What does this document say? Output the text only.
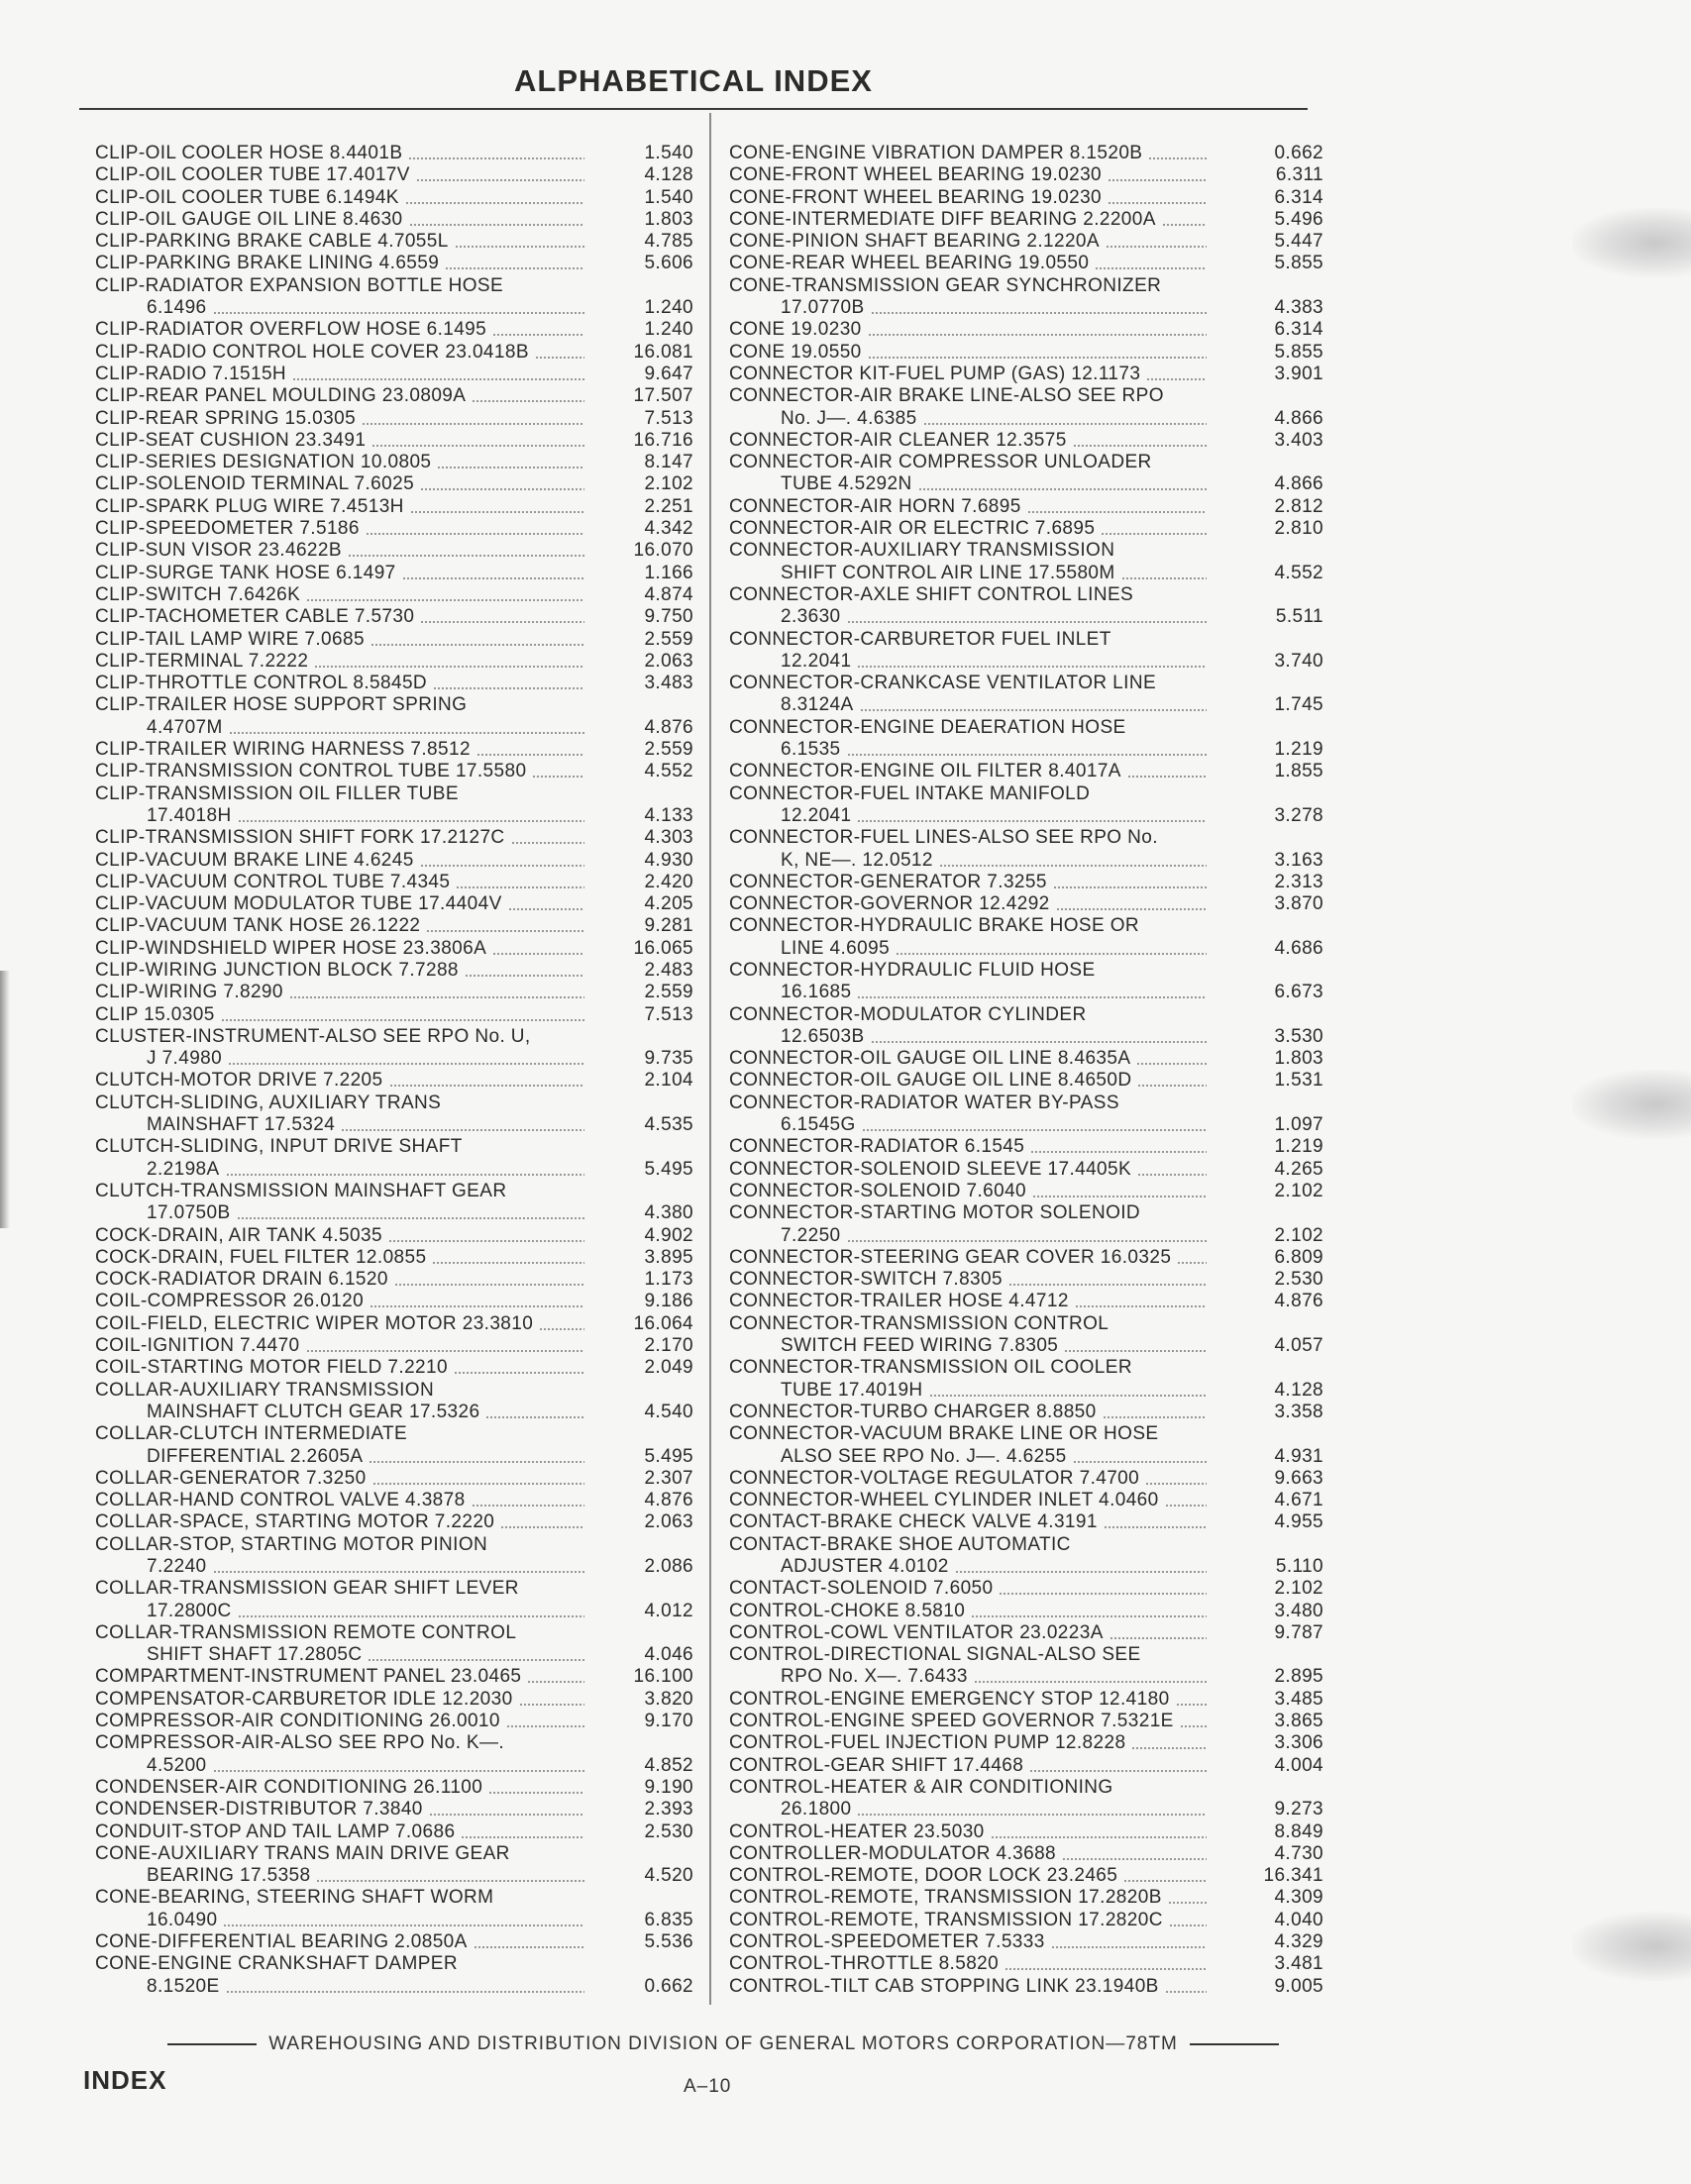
ALPHABETICAL INDEX
CLIP-OIL COOLER HOSE 8.4401B	1.540
CLIP-OIL COOLER TUBE 17.4017V	4.128
CLIP-OIL COOLER TUBE 6.1494K	1.540
CLIP-OIL GAUGE OIL LINE 8.4630	1.803
CLIP-PARKING BRAKE CABLE 4.7055L	4.785
CLIP-PARKING BRAKE LINING 4.6559	5.606
CLIP-RADIATOR EXPANSION BOTTLE HOSE
6.1496	1.240
CLIP-RADIATOR OVERFLOW HOSE 6.1495	1.240
CLIP-RADIO CONTROL HOLE COVER 23.0418B	16.081
CLIP-RADIO 7.1515H	9.647
CLIP-REAR PANEL MOULDING 23.0809A	17.507
CLIP-REAR SPRING 15.0305	7.513
CLIP-SEAT CUSHION 23.3491	16.716
CLIP-SERIES DESIGNATION 10.0805	8.147
CLIP-SOLENOID TERMINAL 7.6025	2.102
CLIP-SPARK PLUG WIRE 7.4513H	2.251
CLIP-SPEEDOMETER 7.5186	4.342
CLIP-SUN VISOR 23.4622B	16.070
CLIP-SURGE TANK HOSE 6.1497	1.166
CLIP-SWITCH 7.6426K	4.874
CLIP-TACHOMETER CABLE 7.5730	9.750
CLIP-TAIL LAMP WIRE 7.0685	2.559
CLIP-TERMINAL 7.2222	2.063
CLIP-THROTTLE CONTROL 8.5845D	3.483
CLIP-TRAILER HOSE SUPPORT SPRING
4.4707M	4.876
CLIP-TRAILER WIRING HARNESS 7.8512	2.559
CLIP-TRANSMISSION CONTROL TUBE 17.5580	4.552
CLIP-TRANSMISSION OIL FILLER TUBE
17.4018H	4.133
CLIP-TRANSMISSION SHIFT FORK 17.2127C	4.303
CLIP-VACUUM BRAKE LINE 4.6245	4.930
CLIP-VACUUM CONTROL TUBE 7.4345	2.420
CLIP-VACUUM MODULATOR TUBE 17.4404V	4.205
CLIP-VACUUM TANK HOSE 26.1222	9.281
CLIP-WINDSHIELD WIPER HOSE 23.3806A	16.065
CLIP-WIRING JUNCTION BLOCK 7.7288	2.483
CLIP-WIRING 7.8290	2.559
CLIP 15.0305	7.513
CLUSTER-INSTRUMENT-ALSO SEE RPO No. U,
J 7.4980	9.735
CLUTCH-MOTOR DRIVE 7.2205	2.104
CLUTCH-SLIDING, AUXILIARY TRANS
MAINSHAFT 17.5324	4.535
CLUTCH-SLIDING, INPUT DRIVE SHAFT
2.2198A	5.495
CLUTCH-TRANSMISSION MAINSHAFT GEAR
17.0750B	4.380
COCK-DRAIN, AIR TANK 4.5035	4.902
COCK-DRAIN, FUEL FILTER 12.0855	3.895
COCK-RADIATOR DRAIN 6.1520	1.173
COIL-COMPRESSOR 26.0120	9.186
COIL-FIELD, ELECTRIC WIPER MOTOR 23.3810	16.064
COIL-IGNITION 7.4470	2.170
COIL-STARTING MOTOR FIELD 7.2210	2.049
COLLAR-AUXILIARY TRANSMISSION
MAINSHAFT CLUTCH GEAR 17.5326	4.540
COLLAR-CLUTCH INTERMEDIATE
DIFFERENTIAL 2.2605A	5.495
COLLAR-GENERATOR 7.3250	2.307
COLLAR-HAND CONTROL VALVE 4.3878	4.876
COLLAR-SPACE, STARTING MOTOR 7.2220	2.063
COLLAR-STOP, STARTING MOTOR PINION
7.2240	2.086
COLLAR-TRANSMISSION GEAR SHIFT LEVER
17.2800C	4.012
COLLAR-TRANSMISSION REMOTE CONTROL
SHIFT SHAFT 17.2805C	4.046
COMPARTMENT-INSTRUMENT PANEL 23.0465	16.100
COMPENSATOR-CARBURETOR IDLE 12.2030	3.820
COMPRESSOR-AIR CONDITIONING 26.0010	9.170
COMPRESSOR-AIR-ALSO SEE RPO No. K—.
4.5200	4.852
CONDENSER-AIR CONDITIONING 26.1100	9.190
CONDENSER-DISTRIBUTOR 7.3840	2.393
CONDUIT-STOP AND TAIL LAMP 7.0686	2.530
CONE-AUXILIARY TRANS MAIN DRIVE GEAR
BEARING 17.5358	4.520
CONE-BEARING, STEERING SHAFT WORM
16.0490	6.835
CONE-DIFFERENTIAL BEARING 2.0850A	5.536
CONE-ENGINE CRANKSHAFT DAMPER
8.1520E	0.662
CONE-ENGINE VIBRATION DAMPER 8.1520B	0.662
CONE-FRONT WHEEL BEARING 19.0230	6.311
CONE-FRONT WHEEL BEARING 19.0230	6.314
CONE-INTERMEDIATE DIFF BEARING 2.2200A	5.496
CONE-PINION SHAFT BEARING 2.1220A	5.447
CONE-REAR WHEEL BEARING 19.0550	5.855
CONE-TRANSMISSION GEAR SYNCHRONIZER
17.0770B	4.383
CONE 19.0230	6.314
CONE 19.0550	5.855
CONNECTOR KIT-FUEL PUMP (GAS) 12.1173	3.901
CONNECTOR-AIR BRAKE LINE-ALSO SEE RPO
No. J—. 4.6385	4.866
CONNECTOR-AIR CLEANER 12.3575	3.403
CONNECTOR-AIR COMPRESSOR UNLOADER
TUBE 4.5292N	4.866
CONNECTOR-AIR HORN 7.6895	2.812
CONNECTOR-AIR OR ELECTRIC 7.6895	2.810
CONNECTOR-AUXILIARY TRANSMISSION
SHIFT CONTROL AIR LINE 17.5580M	4.552
CONNECTOR-AXLE SHIFT CONTROL LINES
2.3630	5.511
CONNECTOR-CARBURETOR FUEL INLET
12.2041	3.740
CONNECTOR-CRANKCASE VENTILATOR LINE
8.3124A	1.745
CONNECTOR-ENGINE DEAERATION HOSE
6.1535	1.219
CONNECTOR-ENGINE OIL FILTER 8.4017A	1.855
CONNECTOR-FUEL INTAKE MANIFOLD
12.2041	3.278
CONNECTOR-FUEL LINES-ALSO SEE RPO No.
K, NE—. 12.0512	3.163
CONNECTOR-GENERATOR 7.3255	2.313
CONNECTOR-GOVERNOR 12.4292	3.870
CONNECTOR-HYDRAULIC BRAKE HOSE OR
LINE 4.6095	4.686
CONNECTOR-HYDRAULIC FLUID HOSE
16.1685	6.673
CONNECTOR-MODULATOR CYLINDER
12.6503B	3.530
CONNECTOR-OIL GAUGE OIL LINE 8.4635A	1.803
CONNECTOR-OIL GAUGE OIL LINE 8.4650D	1.531
CONNECTOR-RADIATOR WATER BY-PASS
6.1545G	1.097
CONNECTOR-RADIATOR 6.1545	1.219
CONNECTOR-SOLENOID SLEEVE 17.4405K	4.265
CONNECTOR-SOLENOID 7.6040	2.102
CONNECTOR-STARTING MOTOR SOLENOID
7.2250	2.102
CONNECTOR-STEERING GEAR COVER 16.0325	6.809
CONNECTOR-SWITCH 7.8305	2.530
CONNECTOR-TRAILER HOSE 4.4712	4.876
CONNECTOR-TRANSMISSION CONTROL
SWITCH FEED WIRING 7.8305	4.057
CONNECTOR-TRANSMISSION OIL COOLER
TUBE 17.4019H	4.128
CONNECTOR-TURBO CHARGER 8.8850	3.358
CONNECTOR-VACUUM BRAKE LINE OR HOSE
ALSO SEE RPO No. J—. 4.6255	4.931
CONNECTOR-VOLTAGE REGULATOR 7.4700	9.663
CONNECTOR-WHEEL CYLINDER INLET 4.0460	4.671
CONTACT-BRAKE CHECK VALVE 4.3191	4.955
CONTACT-BRAKE SHOE AUTOMATIC
ADJUSTER 4.0102	5.110
CONTACT-SOLENOID 7.6050	2.102
CONTROL-CHOKE 8.5810	3.480
CONTROL-COWL VENTILATOR 23.0223A	9.787
CONTROL-DIRECTIONAL SIGNAL-ALSO SEE
RPO No. X—. 7.6433	2.895
CONTROL-ENGINE EMERGENCY STOP 12.4180	3.485
CONTROL-ENGINE SPEED GOVERNOR 7.5321E	3.865
CONTROL-FUEL INJECTION PUMP 12.8228	3.306
CONTROL-GEAR SHIFT 17.4468	4.004
CONTROL-HEATER & AIR CONDITIONING
26.1800	9.273
CONTROL-HEATER 23.5030	8.849
CONTROLLER-MODULATOR 4.3688	4.730
CONTROL-REMOTE, DOOR LOCK 23.2465	16.341
CONTROL-REMOTE, TRANSMISSION 17.2820B	4.309
CONTROL-REMOTE, TRANSMISSION 17.2820C	4.040
CONTROL-SPEEDOMETER 7.5333	4.329
CONTROL-THROTTLE 8.5820	3.481
CONTROL-TILT CAB STOPPING LINK 23.1940B	9.005
WAREHOUSING AND DISTRIBUTION DIVISION OF GENERAL MOTORS CORPORATION—78TM
INDEX	A–10
